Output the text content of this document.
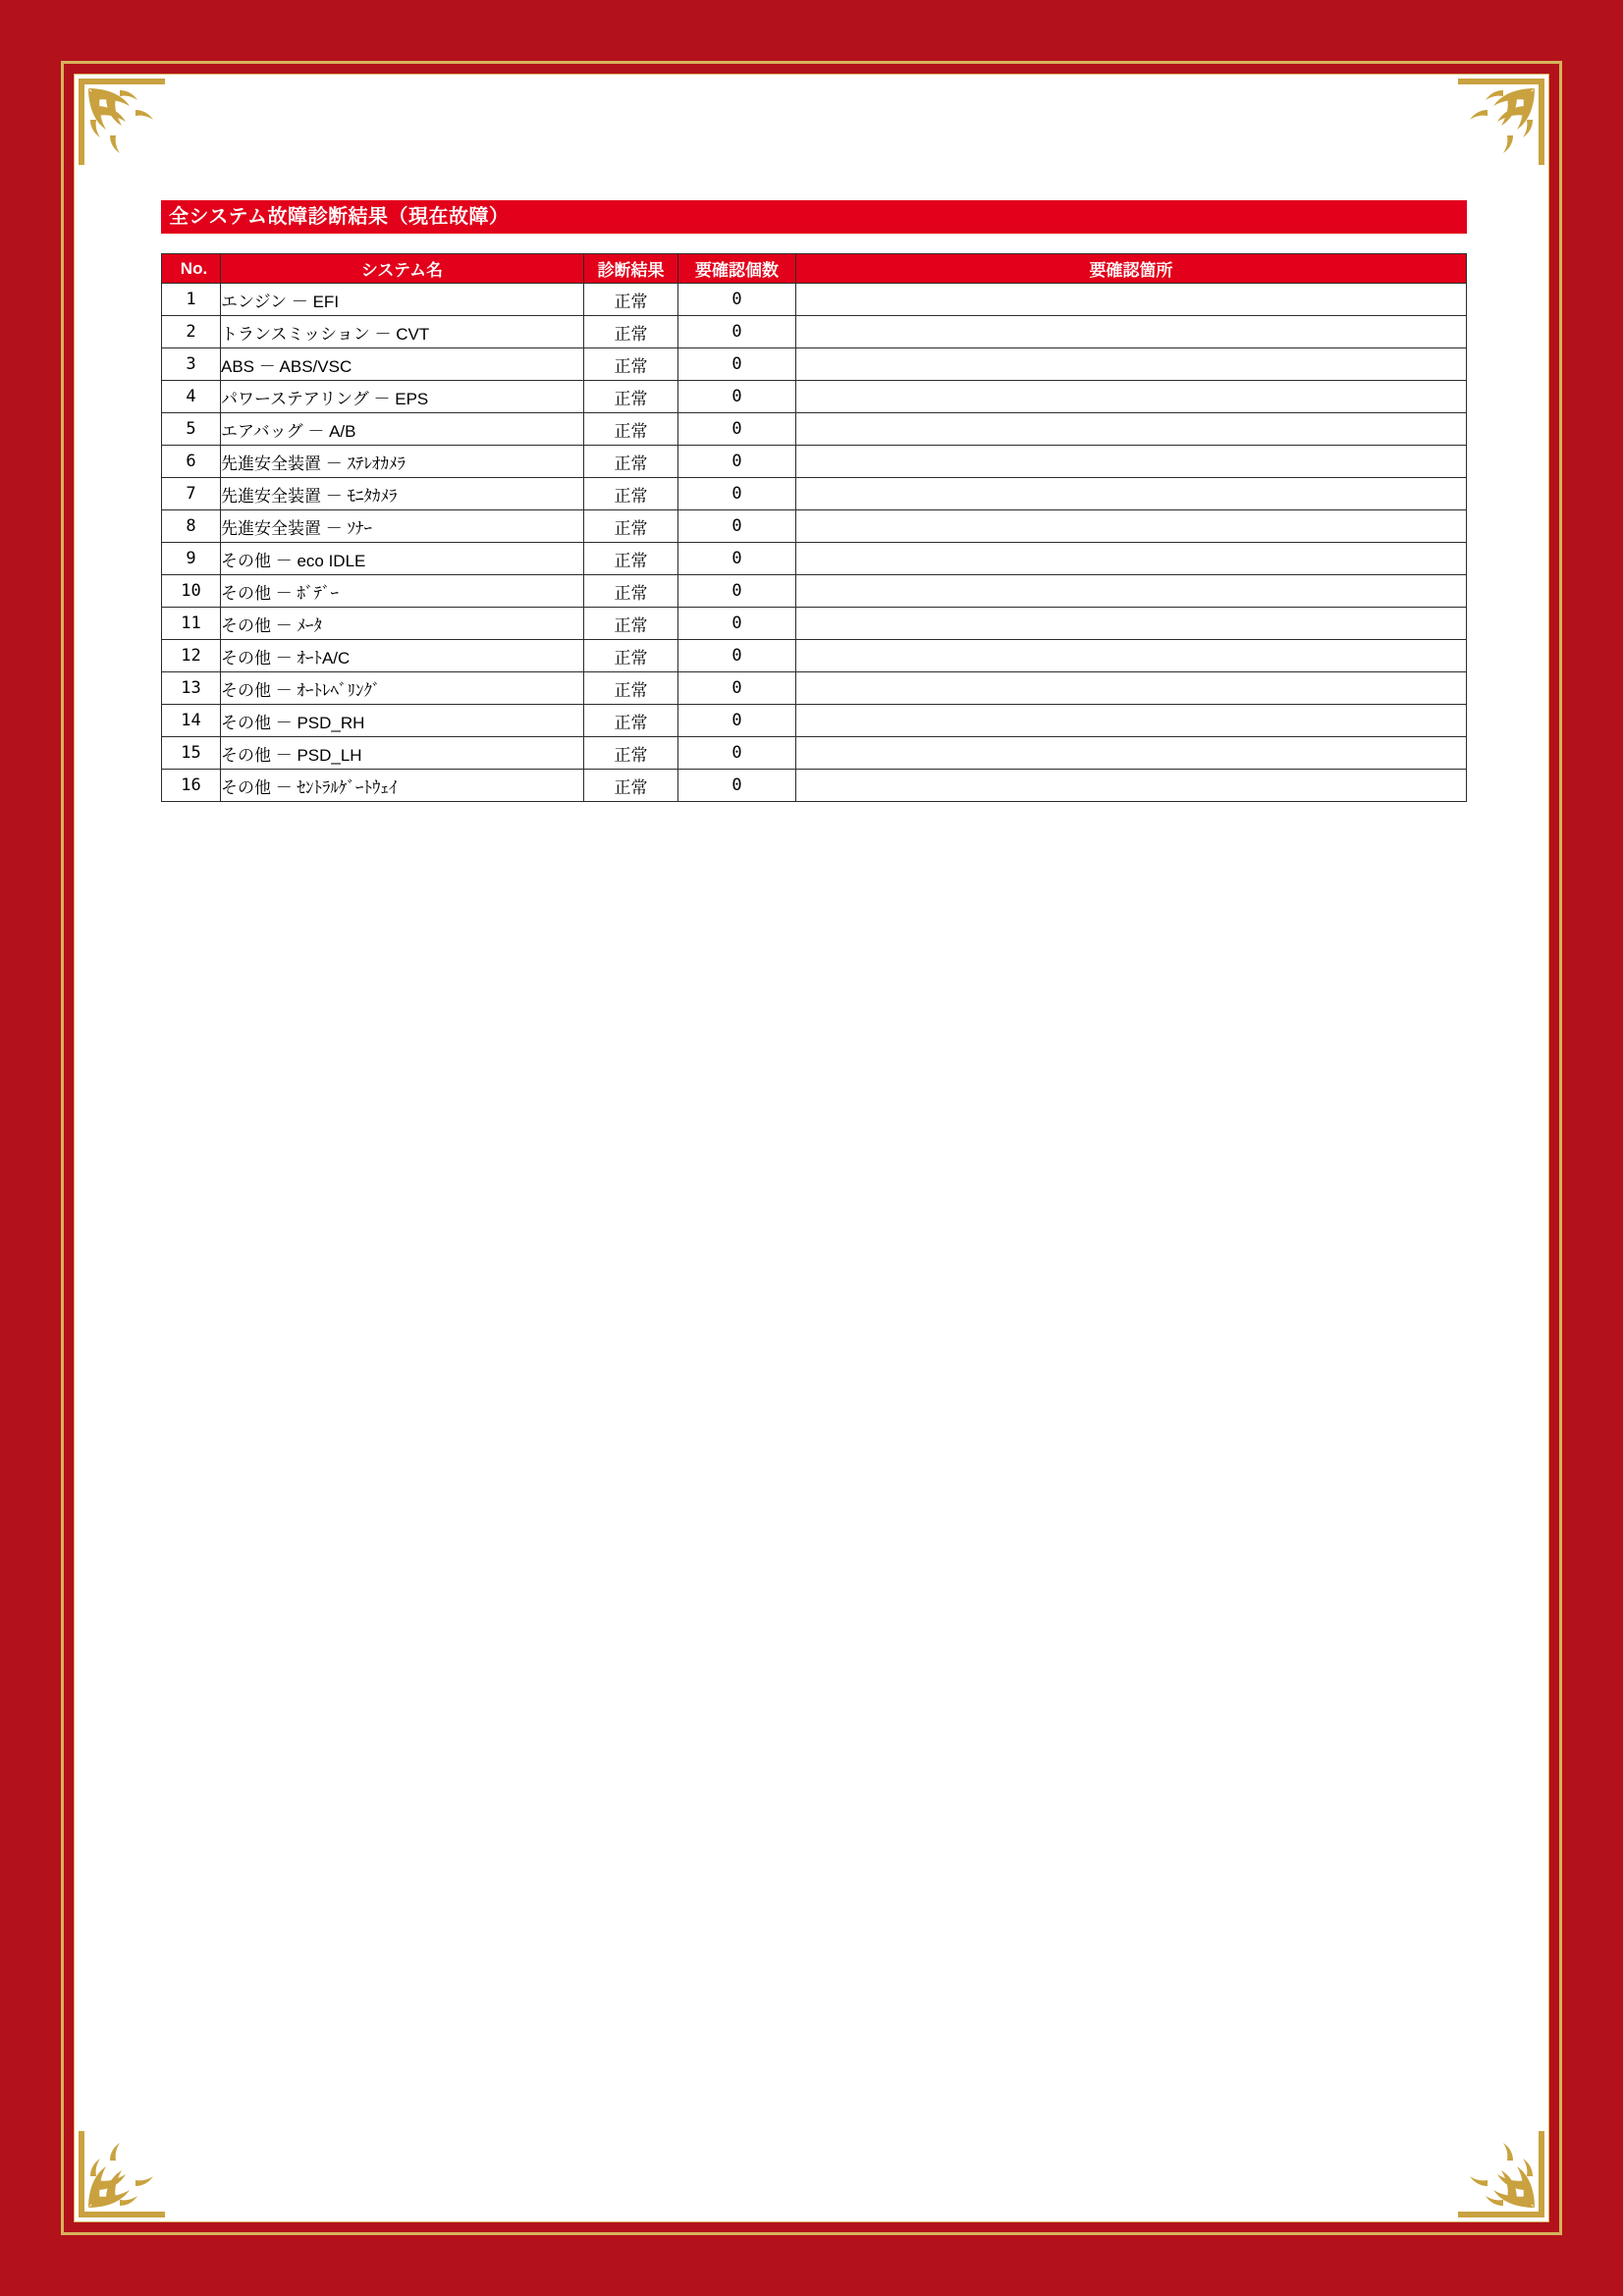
全システム故障診断結果（現在故障）
No.	システム名	診断結果	要確認個数	要確認箇所
1	エンジン － EFI	正常	0	
2	トランスミッション － CVT	正常	0	
3	ABS － ABS/VSC	正常	0	
4	パワーステアリング － EPS	正常	0	
5	エアバッグ － A/B	正常	0	
6	先進安全装置 － ｽﾃﾚｵｶﾒﾗ	正常	0	
7	先進安全装置 － ﾓﾆﾀｶﾒﾗ	正常	0	
8	先進安全装置 － ｿﾅｰ	正常	0	
9	その他 － eco IDLE	正常	0	
10	その他 － ﾎﾞﾃﾞｰ	正常	0	
11	その他 － ﾒｰﾀ	正常	0	
12	その他 － ｵｰﾄA/C	正常	0	
13	その他 － ｵｰﾄﾚﾍﾞﾘﾝｸﾞ	正常	0	
14	その他 － PSD_RH	正常	0	
15	その他 － PSD_LH	正常	0	
16	その他 － ｾﾝﾄﾗﾙｹﾞｰﾄｳｪｲ	正常	0	
